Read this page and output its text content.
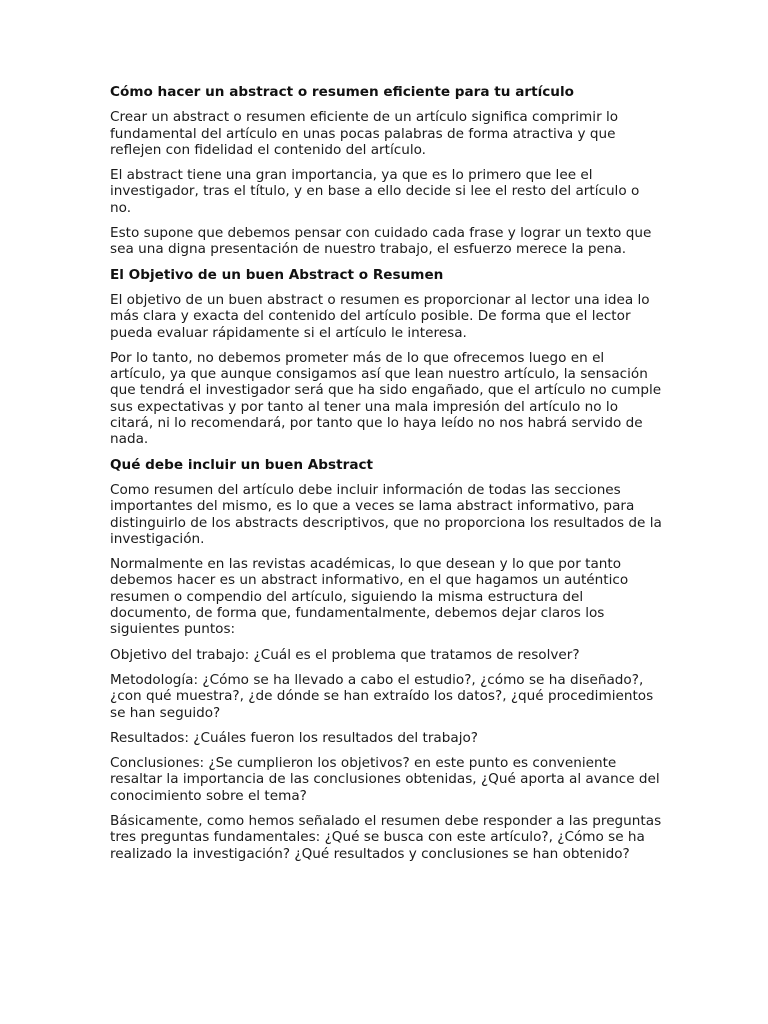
Cómo hacer un abstract o resumen eficiente para tu artículo

Crear un abstract o resumen eficiente de un artículo significa comprimir lo fundamental del artículo en unas pocas palabras de forma atractiva y que reflejen con fidelidad el contenido del artículo.

El abstract tiene una gran importancia, ya que es lo primero que lee el investigador, tras el título, y en base a ello decide si lee el resto del artículo o no.

Esto supone que debemos pensar con cuidado cada frase y lograr un texto que sea una digna presentación de nuestro trabajo, el esfuerzo merece la pena.

El Objetivo de un buen Abstract o Resumen

El objetivo de un buen abstract o resumen es proporcionar al lector una idea lo más clara y exacta del contenido del artículo posible. De forma que el lector pueda evaluar rápidamente si el artículo le interesa.

Por lo tanto, no debemos prometer más de lo que ofrecemos luego en el artículo, ya que aunque consigamos así que lean nuestro artículo, la sensación que tendrá el investigador será que ha sido engañado, que el artículo no cumple sus expectativas y por tanto al tener una mala impresión del artículo no lo citará, ni lo recomendará, por tanto que lo haya leído no nos habrá servido de nada.

Qué debe incluir un buen Abstract

Como resumen del artículo debe incluir información de todas las secciones importantes del mismo, es lo que a veces se lama abstract informativo, para distinguirlo de los abstracts descriptivos, que no proporciona los resultados de la investigación.

Normalmente en las revistas académicas, lo que desean y lo que por tanto debemos hacer es un abstract informativo, en el que hagamos un auténtico resumen o compendio del artículo, siguiendo la misma estructura del documento, de forma que, fundamentalmente, debemos dejar claros los siguientes puntos:

Objetivo del trabajo: ¿Cuál es el problema que tratamos de resolver?

Metodología: ¿Cómo se ha llevado a cabo el estudio?, ¿cómo se ha diseñado?, ¿con qué muestra?, ¿de dónde se han extraído los datos?, ¿qué procedimientos se han seguido?

Resultados: ¿Cuáles fueron los resultados del trabajo?

Conclusiones: ¿Se cumplieron los objetivos? en este punto es conveniente resaltar la importancia de las conclusiones obtenidas, ¿Qué aporta al avance del conocimiento sobre el tema?

Básicamente, como hemos señalado el resumen debe responder a las preguntas tres preguntas fundamentales: ¿Qué se busca con este artículo?, ¿Cómo se ha realizado la investigación? ¿Qué resultados y conclusiones se han obtenido?
